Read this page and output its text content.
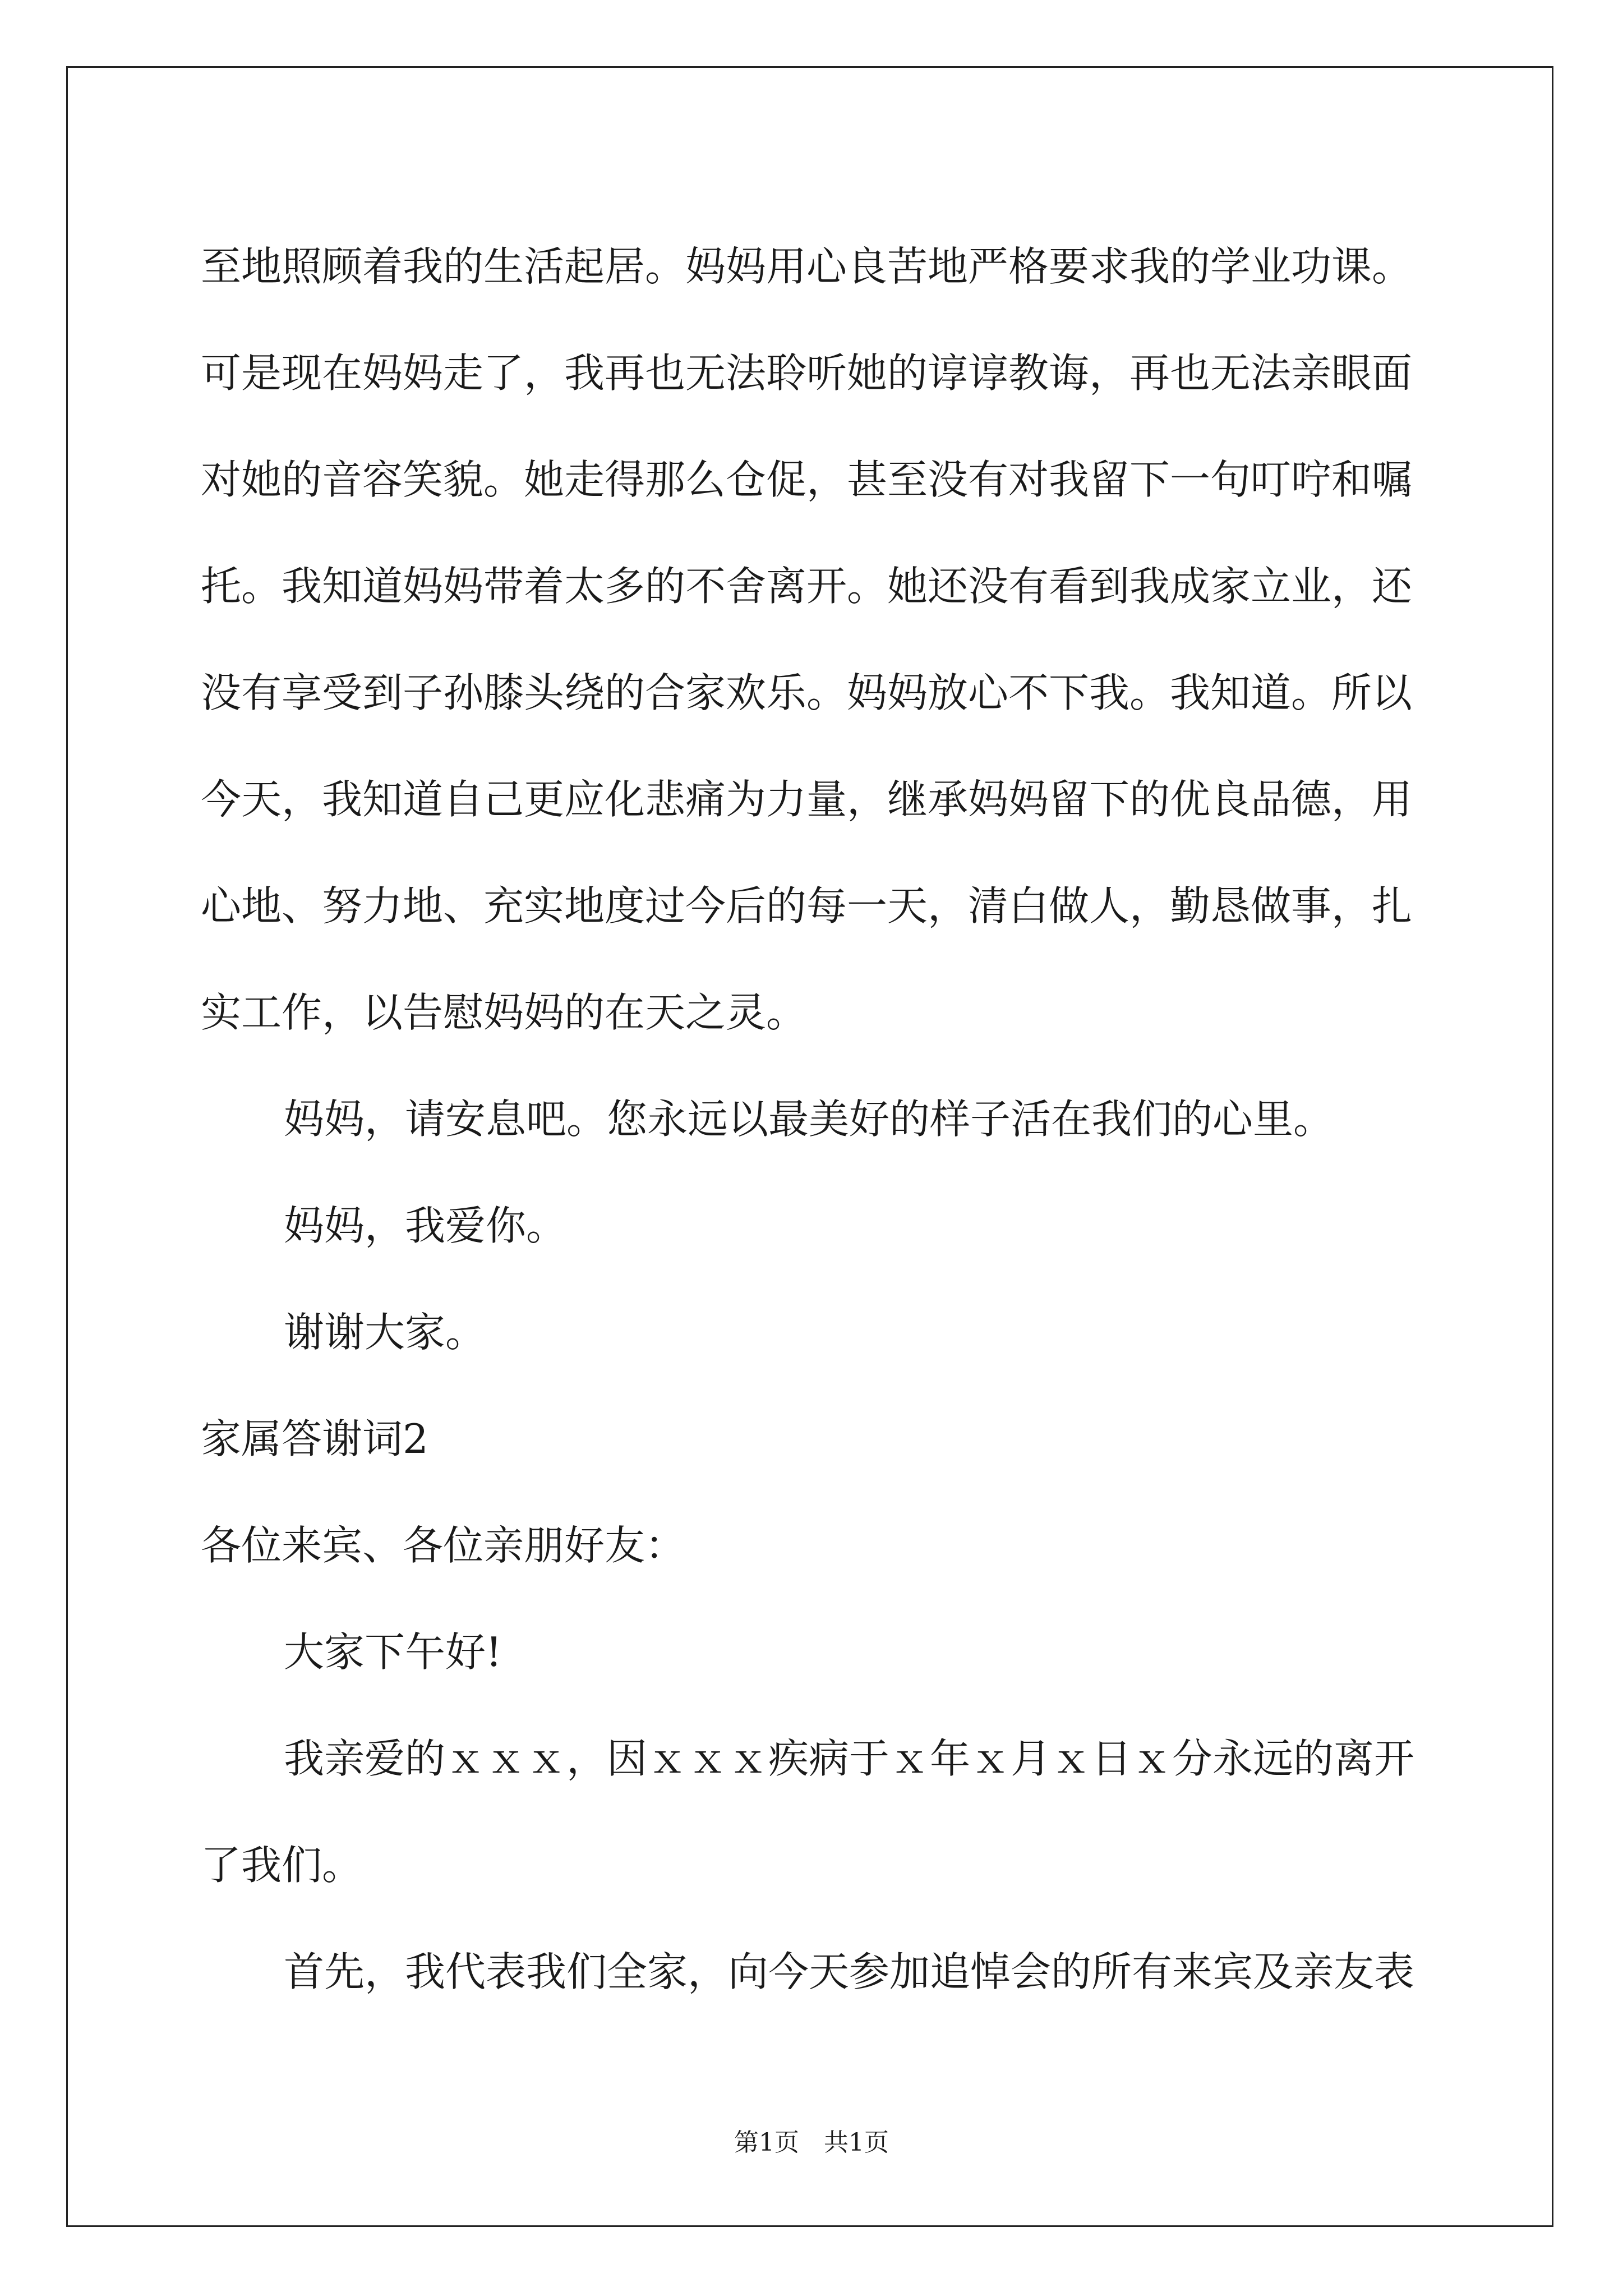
至地照顾着我的生活起居。妈妈用心良苦地严格要求我的学业功课。

可是现在妈妈走了，我再也无法聆听她的谆谆教诲，再也无法亲眼面

对她的音容笑貌。她走得那么仓促，甚至没有对我留下一句叮咛和嘱

托。我知道妈妈带着太多的不舍离开。她还没有看到我成家立业，还

没有享受到子孙膝头绕的合家欢乐。妈妈放心不下我。我知道。所以

今天，我知道自己更应化悲痛为力量，继承妈妈留下的优良品德，用

心地、努力地、充实地度过今后的每一天，清白做人，勤恳做事，扎

实工作，以告慰妈妈的在天之灵。

妈妈，请安息吧。您永远以最美好的样子活在我们的心里。

妈妈，我爱你。

谢谢大家。

家属答谢词2

各位来宾、各位亲朋好友：

大家下午好!

我亲爱的ｘｘｘ，因ｘｘｘ疾病于ｘ年ｘ月ｘ日ｘ分永远的离开

了我们。

首先，我代表我们全家，向今天参加追悼会的所有来宾及亲友表

第1页 共1页
